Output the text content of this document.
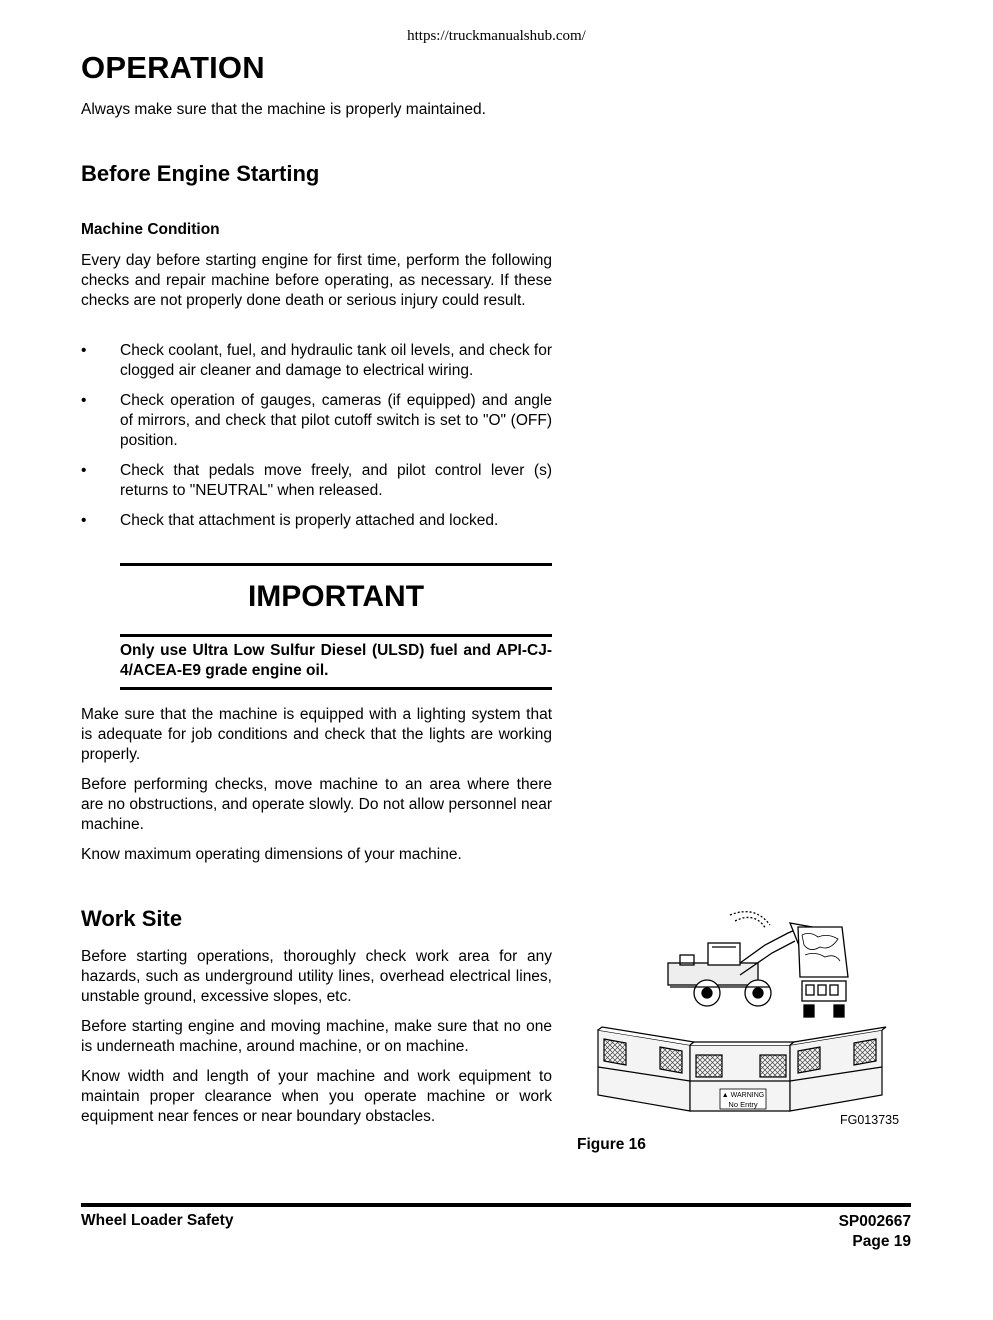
https://truckmanualshub.com/
OPERATION

Always make sure that the machine is properly maintained.

Before Engine Starting
Machine Condition

Every day before starting engine for first time, perform the following checks and repair machine before operating, as necessary. If these checks are not properly done death or serious injury could result.

• Check coolant, fuel, and hydraulic tank oil levels, and check for clogged air cleaner and damage to electrical wiring.
• Check operation of gauges, cameras (if equipped) and angle of mirrors, and check that pilot cutoff switch is set to "O" (OFF) position.
• Check that pedals move freely, and pilot control lever (s) returns to "NEUTRAL" when released.
• Check that attachment is properly attached and locked.
IMPORTANT
Only use Ultra Low Sulfur Diesel (ULSD) fuel and API-CJ-4/ACEA-E9 grade engine oil.

Make sure that the machine is equipped with a lighting system that is adequate for job conditions and check that the lights are working properly.

Before performing checks, move machine to an area where there are no obstructions, and operate slowly. Do not allow personnel near machine.

Know maximum operating dimensions of your machine.

Work Site

Before starting operations, thoroughly check work area for any hazards, such as underground utility lines, overhead electrical lines, unstable ground, excessive slopes, etc.

Before starting engine and moving machine, make sure that no one is underneath machine, around machine, or on machine.

Know width and length of your machine and work equipment to maintain proper clearance when you operate machine or work equipment near fences or near boundary obstacles.

▲ WARNING
No Entry
FG013735
Figure 16
Wheel Loader Safety	SP002667
Page 19
